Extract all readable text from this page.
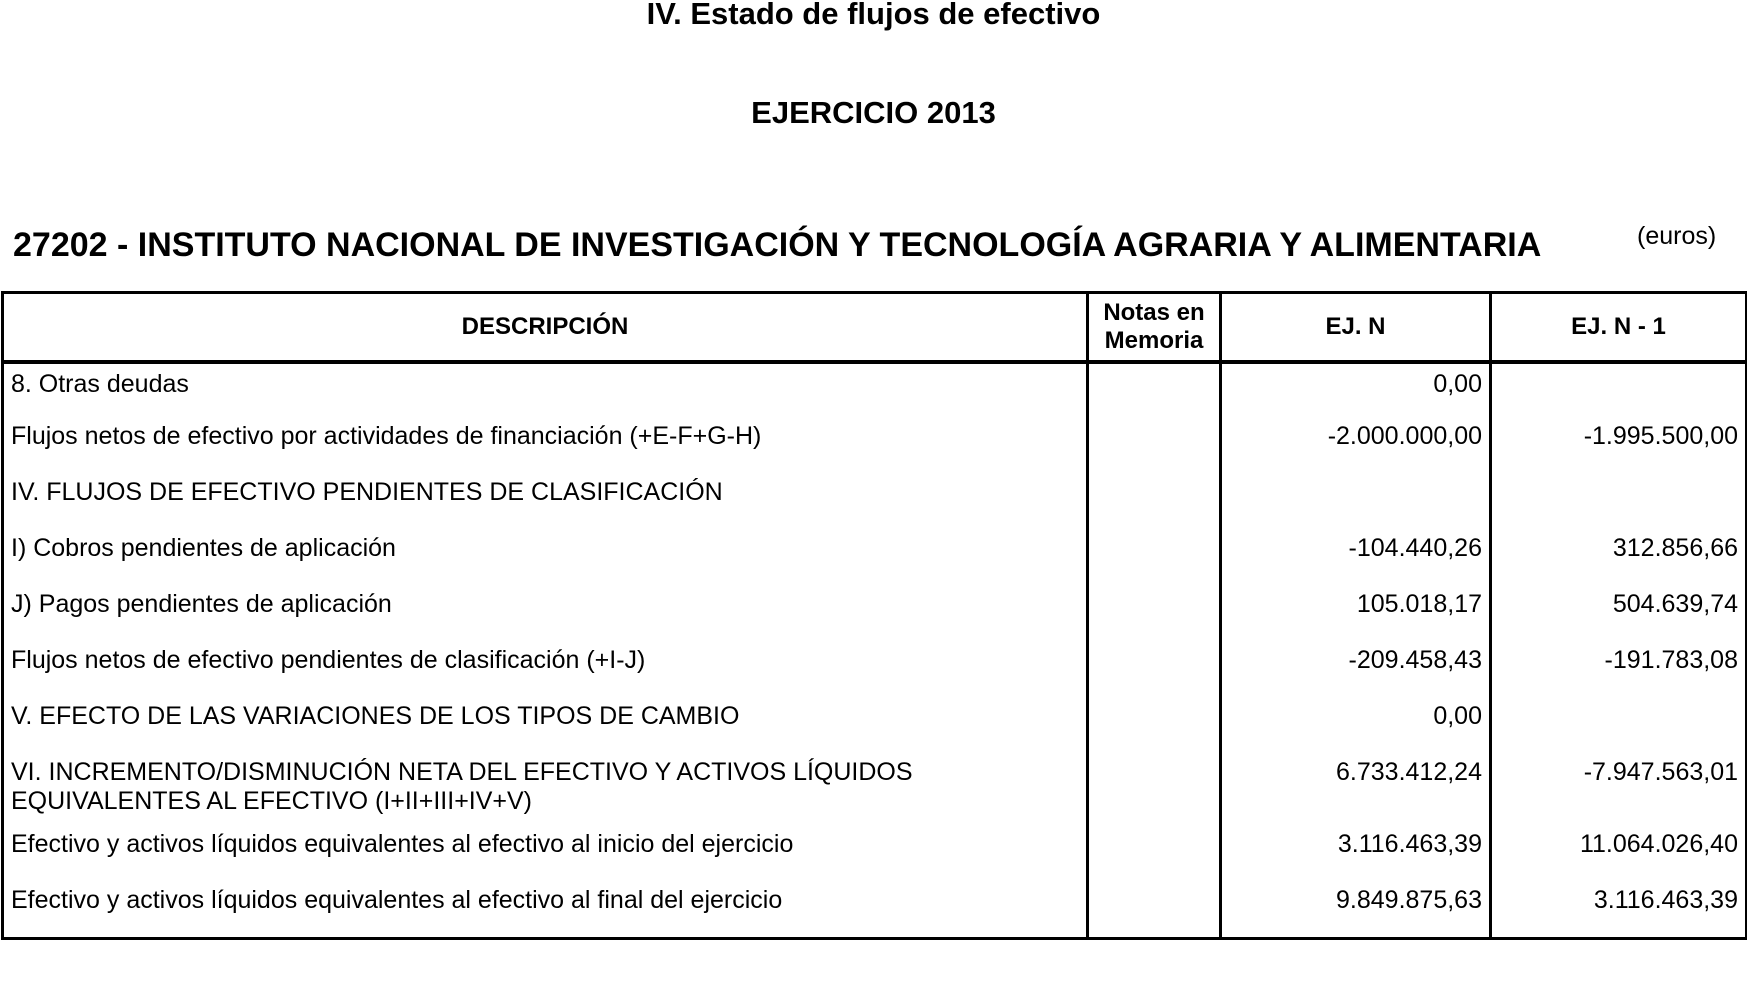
IV. Estado de flujos de efectivo
EJERCICIO 2013
27202 - INSTITUTO NACIONAL DE INVESTIGACIÓN Y TECNOLOGÍA AGRARIA Y ALIMENTARIA	(euros)
DESCRIPCIÓN	Notas en Memoria	EJ. N	EJ. N - 1
8. Otras deudas		0,00	
Flujos netos de efectivo por actividades de financiación (+E-F+G-H)		-2.000.000,00	-1.995.500,00
IV. FLUJOS DE EFECTIVO PENDIENTES DE CLASIFICACIÓN			
I) Cobros pendientes de aplicación		-104.440,26	312.856,66
J) Pagos pendientes de aplicación		105.018,17	504.639,74
Flujos netos de efectivo pendientes de clasificación (+I-J)		-209.458,43	-191.783,08
V. EFECTO DE LAS VARIACIONES DE LOS TIPOS DE CAMBIO		0,00	

VI. INCREMENTO/DISMINUCIÓN NETA DEL EFECTIVO Y ACTIVOS LÍQUIDOS
EQUIVALENTES AL EFECTIVO (I+II+III+IV+V)		6.733.412,24	-7.947.563,01
Efectivo y activos líquidos equivalentes al efectivo al inicio del ejercicio		3.116.463,39	11.064.026,40
Efectivo y activos líquidos equivalentes al efectivo al final del ejercicio		9.849.875,63	3.116.463,39
